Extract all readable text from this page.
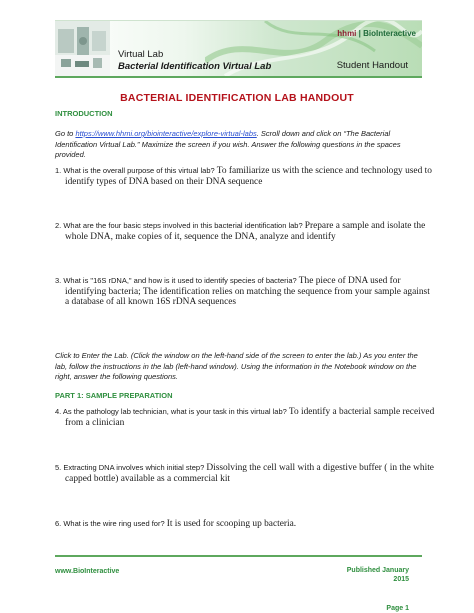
Virtual Lab
Bacterial Identification Virtual Lab
hhmi | BioInteractive
Student Handout
BACTERIAL IDENTIFICATION LAB HANDOUT
INTRODUCTION
Go to https://www.hhmi.org/biointeractive/explore-virtual-labs. Scroll down and click on “The Bacterial Identification Virtual Lab.” Maximize the screen if you wish. Answer the following questions in the spaces provided.
1. What is the overall purpose of this virtual lab? To familiarize us with the science and technology used to identify types of DNA based on their DNA sequence
2. What are the four basic steps involved in this bacterial identification lab? Prepare a sample and isolate the whole DNA, make copies of it, sequence the DNA, analyze and identify
3. What is "16S rDNA," and how is it used to identify species of bacteria? The piece of DNA used for identifying bacteria; The identification relies on matching the sequence from your sample against a database of all known 16S rDNA sequences
Click to Enter the Lab. (Click the window on the left-hand side of the screen to enter the lab.) As you enter the lab, follow the instructions in the lab (left-hand window). Using the information in the Notebook window on the right, answer the following questions.
PART 1: SAMPLE PREPARATION
4. As the pathology lab technician, what is your task in this virtual lab? To identify a bacterial sample received from a clinician
5. Extracting DNA involves which initial step? Dissolving the cell wall with a digestive buffer ( in the white capped bottle) available as a commercial kit
6. What is the wire ring used for? It is used for scooping up bacteria.
www.BioInteractive	Published January
2015
Page 1
